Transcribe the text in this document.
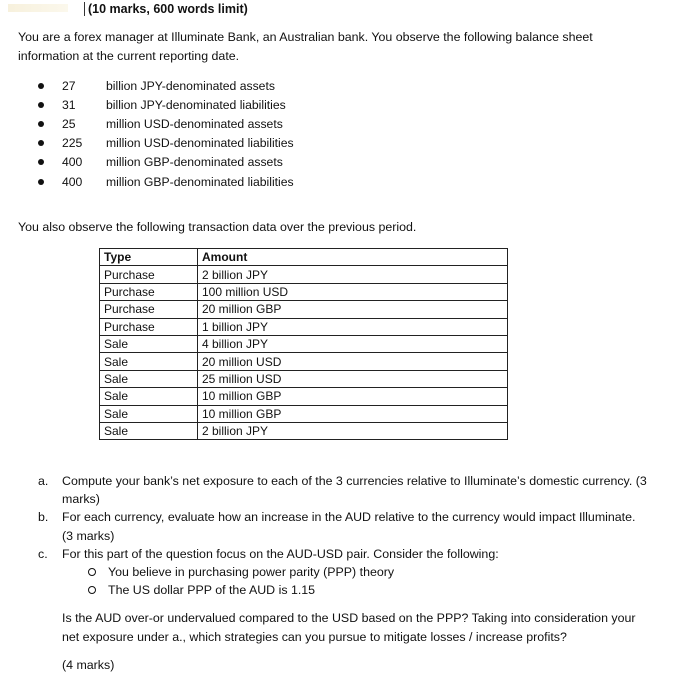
(10 marks, 600 words limit)
You are a forex manager at Illuminate Bank, an Australian bank. You observe the following balance sheet information at the current reporting date.
27	billion JPY-denominated assets
31	billion JPY-denominated liabilities
25	million USD-denominated assets
225	million USD-denominated liabilities
400	million GBP-denominated assets
400	million GBP-denominated liabilities
You also observe the following transaction data over the previous period.
Type	Amount
Purchase	2 billion JPY
Purchase	100 million USD
Purchase	20 million GBP
Purchase	1 billion JPY
Sale	4 billion JPY
Sale	20 million USD
Sale	25 million USD
Sale	10 million GBP
Sale	10 million GBP
Sale	2 billion JPY
a.	Compute your bank’s net exposure to each of the 3 currencies relative to Illuminate’s domestic currency. (3 marks)
b.	For each currency, evaluate how an increase in the AUD relative to the currency would impact Illuminate. (3 marks)
c.	For this part of the question focus on the AUD-USD pair. Consider the following:
You believe in purchasing power parity (PPP) theory
The US dollar PPP of the AUD is 1.15
Is the AUD over-or undervalued compared to the USD based on the PPP? Taking into consideration your net exposure under a., which strategies can you pursue to mitigate losses / increase profits?
(4 marks)
